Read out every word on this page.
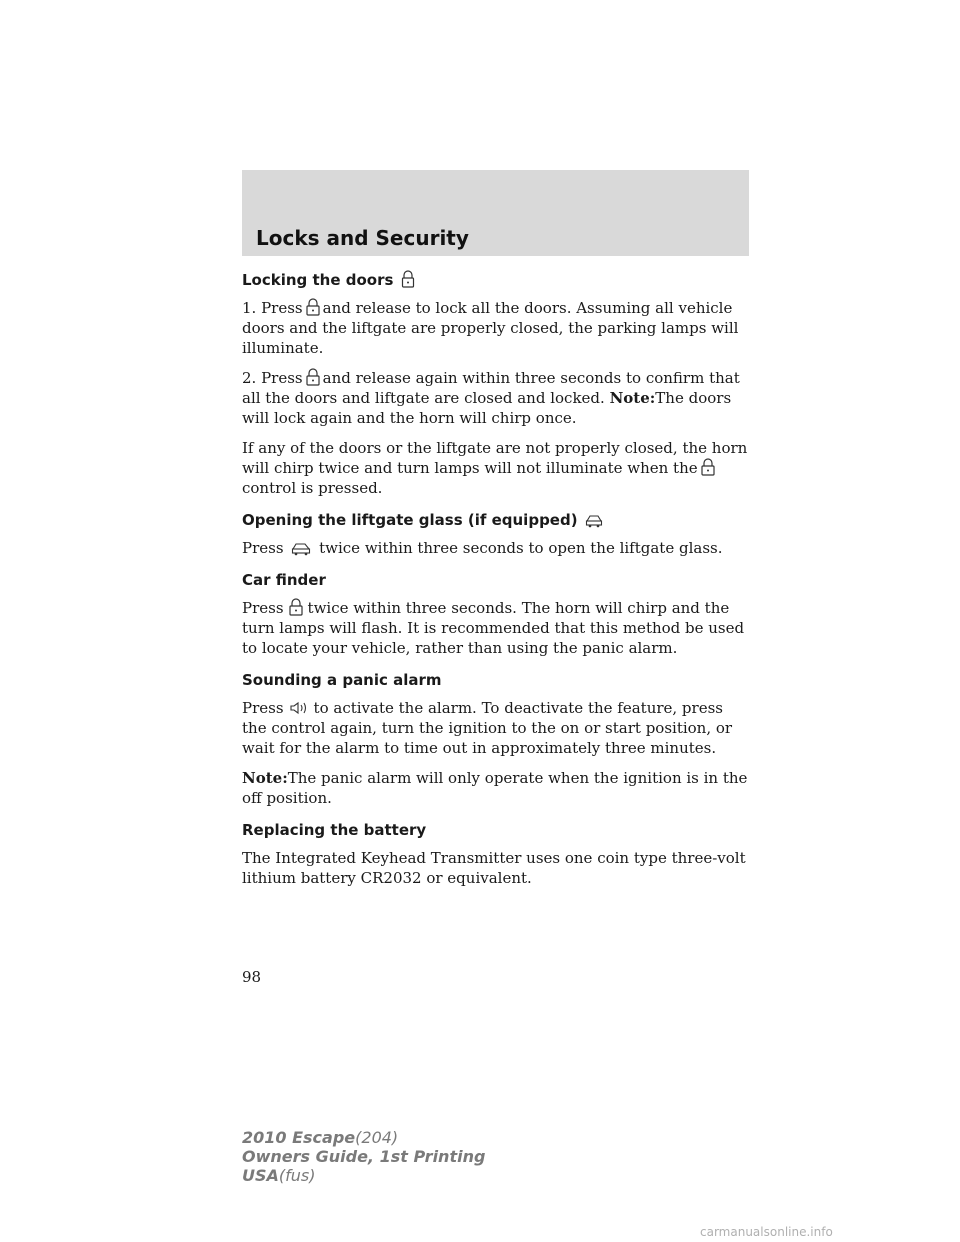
Locks and Security
Locking the doors

1. Press and release to lock all the doors. Assuming all vehicle doors and the liftgate are properly closed, the parking lamps will illuminate.

2. Press and release again within three seconds to confirm that all the doors and liftgate are closed and locked. Note:The doors will lock again and the horn will chirp once.

If any of the doors or the liftgate are not properly closed, the horn will chirp twice and turn lamps will not illuminate when the
control is pressed.

Opening the liftgate glass (if equipped)

Press twice within three seconds to open the liftgate glass.

Car finder

Press twice within three seconds. The horn will chirp and the turn lamps will flash. It is recommended that this method be used to locate your vehicle, rather than using the panic alarm.

Sounding a panic alarm

Press to activate the alarm. To deactivate the feature, press the control again, turn the ignition to the on or start position, or wait for the alarm to time out in approximately three minutes.

Note:The panic alarm will only operate when the ignition is in the off position.

Replacing the battery

The Integrated Keyhead Transmitter uses one coin type three-volt lithium battery CR2032 or equivalent.

98
2010 Escape(204)
Owners Guide, 1st Printing
USA(fus)
carmanualsonline.info
